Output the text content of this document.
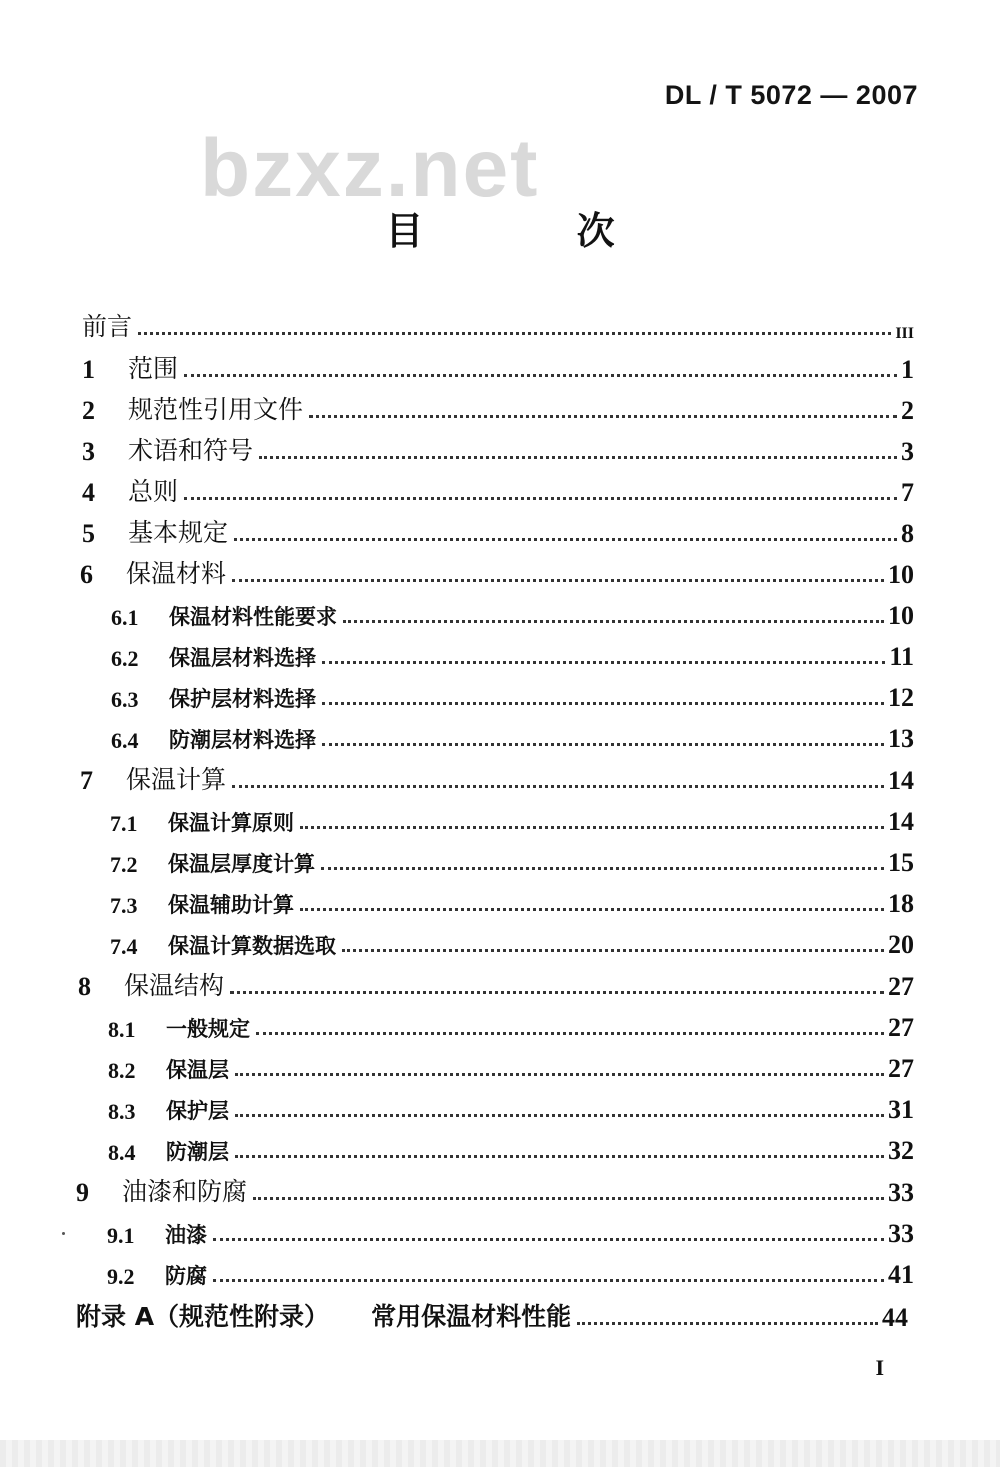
DL / T 5072 — 2007
bzxz.net
目 次
前言	III
1	范围	1
2	规范性引用文件	2
3	术语和符号	3
4	总则	7
5	基本规定	8
6	保温材料	10
6.1	保温材料性能要求	10
6.2	保温层材料选择	11
6.3	保护层材料选择	12
6.4	防潮层材料选择	13
7	保温计算	14
7.1	保温计算原则	14
7.2	保温层厚度计算	15
7.3	保温辅助计算	18
7.4	保温计算数据选取	20
8	保温结构	27
8.1	一般规定	27
8.2	保温层	27
8.3	保护层	31
8.4	防潮层	32
9	油漆和防腐	33
9.1	油漆	33
9.2	防腐	41
附录 A（规范性附录） 常用保温材料性能	44
I
